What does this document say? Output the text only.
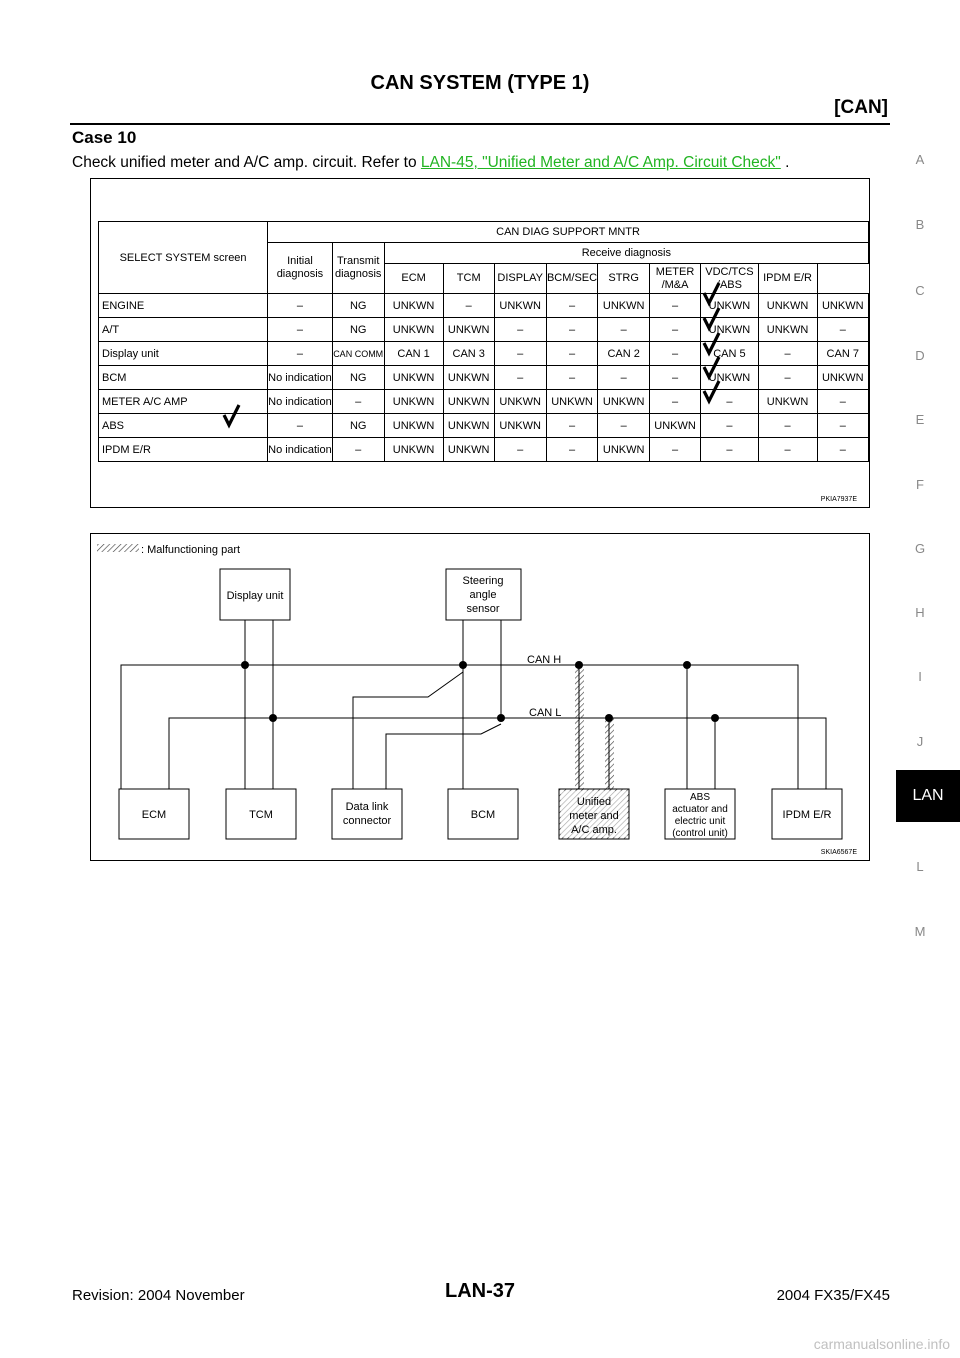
CAN SYSTEM (TYPE 1)
[CAN]
Case 10
Check unified meter and A/C amp. circuit. Refer to LAN-45, "Unified Meter and A/C Amp. Circuit Check" .	A
B
C
D
E
F
G
H
I
J
LAN
L
M
SELECT SYSTEM screen	CAN DIAG SUPPORT MNTR										
	Initial diagnosis	Transmit diagnosis	Receive diagnosis								
			ECM	TCM	DISPLAY	BCM/SEC	STRG	METER /M&A	VDC/TCS /ABS	IPDM E/R	
ENGINE	–	NG	UNKWN	–	UNKWN	–	UNKWN	–	UNKWN	UNKWN	UNKWN
A/T	–	NG	UNKWN	UNKWN	–	–	–	–	UNKWN	UNKWN	–
Display unit	–	CAN COMM	CAN 1	CAN 3	–	–	CAN 2	–	CAN 5	–	CAN 7
BCM	No indication	NG	UNKWN	UNKWN	–	–	–	–	UNKWN	–	UNKWN
METER A/C AMP	No indication	–	UNKWN	UNKWN	UNKWN	UNKWN	UNKWN	–	–	UNKWN	–
ABS	–	NG	UNKWN	UNKWN	UNKWN	–	–	UNKWN	–	–	–
IPDM E/R	No indication	–	UNKWN	UNKWN	–	–	UNKWN	–	–	–	–
PKIA7937E
: Malfunctioning part
CAN H
CAN L
Display unit
Steering
angle
sensor
ECM	TCM
Data link
connector	BCM
Unified
meter and
A/C amp.
ABS
actuator and
electric unit
(control unit)
IPDM E/R
SKIA6567E
Revision: 2004 November	LAN-37	2004 FX35/FX45
carmanualsonline.info
